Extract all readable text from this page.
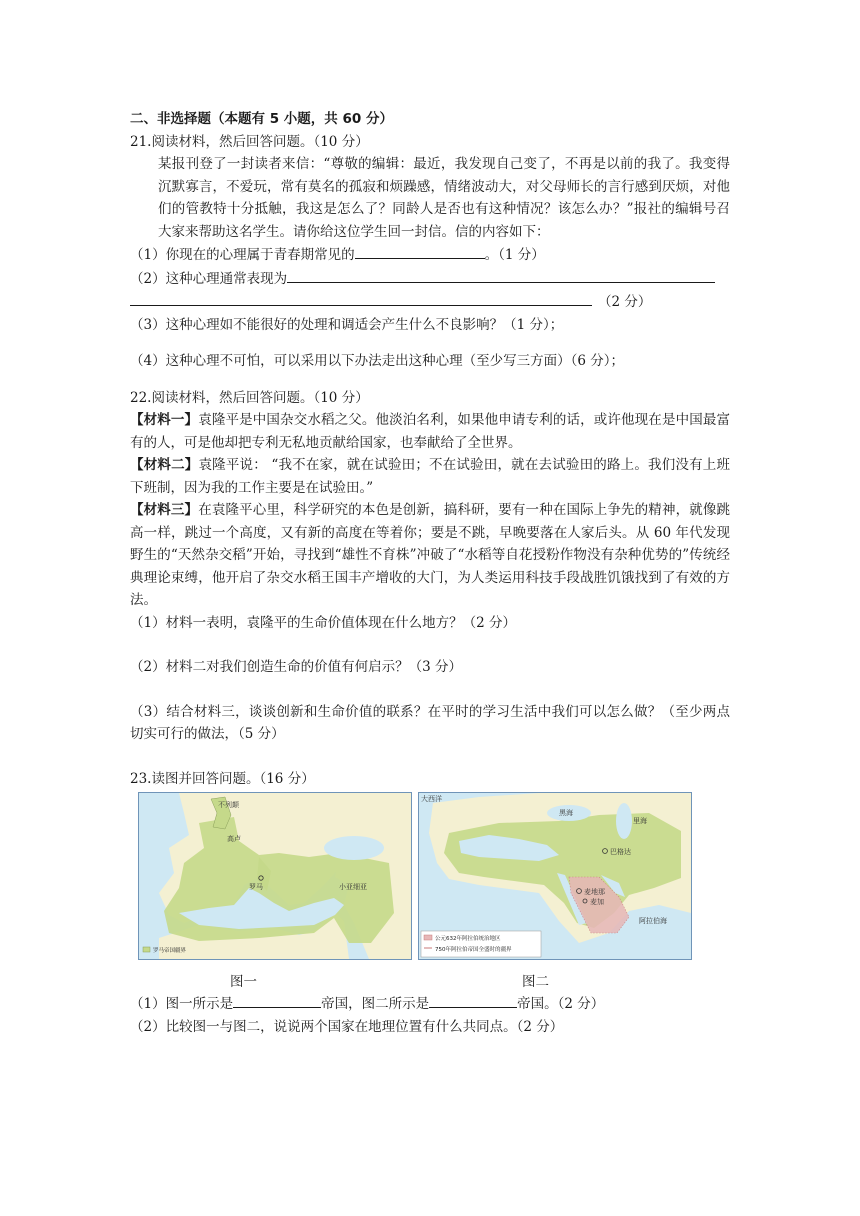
二、非选择题（本题有 5 小题，共 60 分）
21.阅读材料，然后回答问题。（10 分）
某报刊登了一封读者来信：“尊敬的编辑：最近，我发现自己变了，不再是以前的我了。我变得沉默寡言，不爱玩，常有莫名的孤寂和烦躁感，情绪波动大，对父母师长的言行感到厌烦，对他们的管教特十分抵触，我这是怎么了？同龄人是否也有这种情况？该怎么办？”报社的编辑号召大家来帮助这名学生。请你给这位学生回一封信。信的内容如下：
（1）你现在的心理属于青春期常见的	。（1 分）
（2）这种心理通常表现为
（2 分）
（3）这种心理如不能很好的处理和调适会产生什么不良影响？（1 分）；
（4）这种心理不可怕，可以采用以下办法走出这种心理（至少写三方面）（6 分）；
22.阅读材料，然后回答问题。（10 分）
【材料一】袁隆平是中国杂交水稻之父。他淡泊名利，如果他申请专利的话，或许他现在是中国最富有的人，可是他却把专利无私地贡献给国家，也奉献给了全世界。
【材料二】袁隆平说： “我不在家，就在试验田；不在试验田，就在去试验田的路上。我们没有上班下班制，因为我的工作主要是在试验田。”
【材料三】在袁隆平心里，科学研究的本色是创新，搞科研，要有一种在国际上争先的精神，就像跳高一样，跳过一个高度，又有新的高度在等着你；要是不跳，早晚要落在人家后头。从 60 年代发现野生的“天然杂交稻”开始，寻找到“雄性不育株”冲破了“水稻等自花授粉作物没有杂种优势的”传统经典理论束缚，他开启了杂交水稻王国丰产增收的大门，为人类运用科技手段战胜饥饿找到了有效的方法。
（1）材料一表明，袁隆平的生命价值体现在什么地方？（2 分）
（2）材料二对我们创造生命的价值有何启示？（3 分）
（3）结合材料三，谈谈创新和生命价值的联系？在平时的学习生活中我们可以怎么做？（至少两点切实可行的做法，（5 分）
23.读图并回答问题。（16 分）
不列颠
高卢
罗马	小亚细亚
罗马帝国疆界
图一
大西洋
黑海
里海
巴格达
麦地那
麦加
阿拉伯海
公元632年阿拉伯统治地区
750年阿拉伯帝国全盛时的疆界
图二
（1）图一所示是	帝国，图二所示是	帝国。（2 分）
（2）比较图一与图二，说说两个国家在地理位置有什么共同点。（2 分）
